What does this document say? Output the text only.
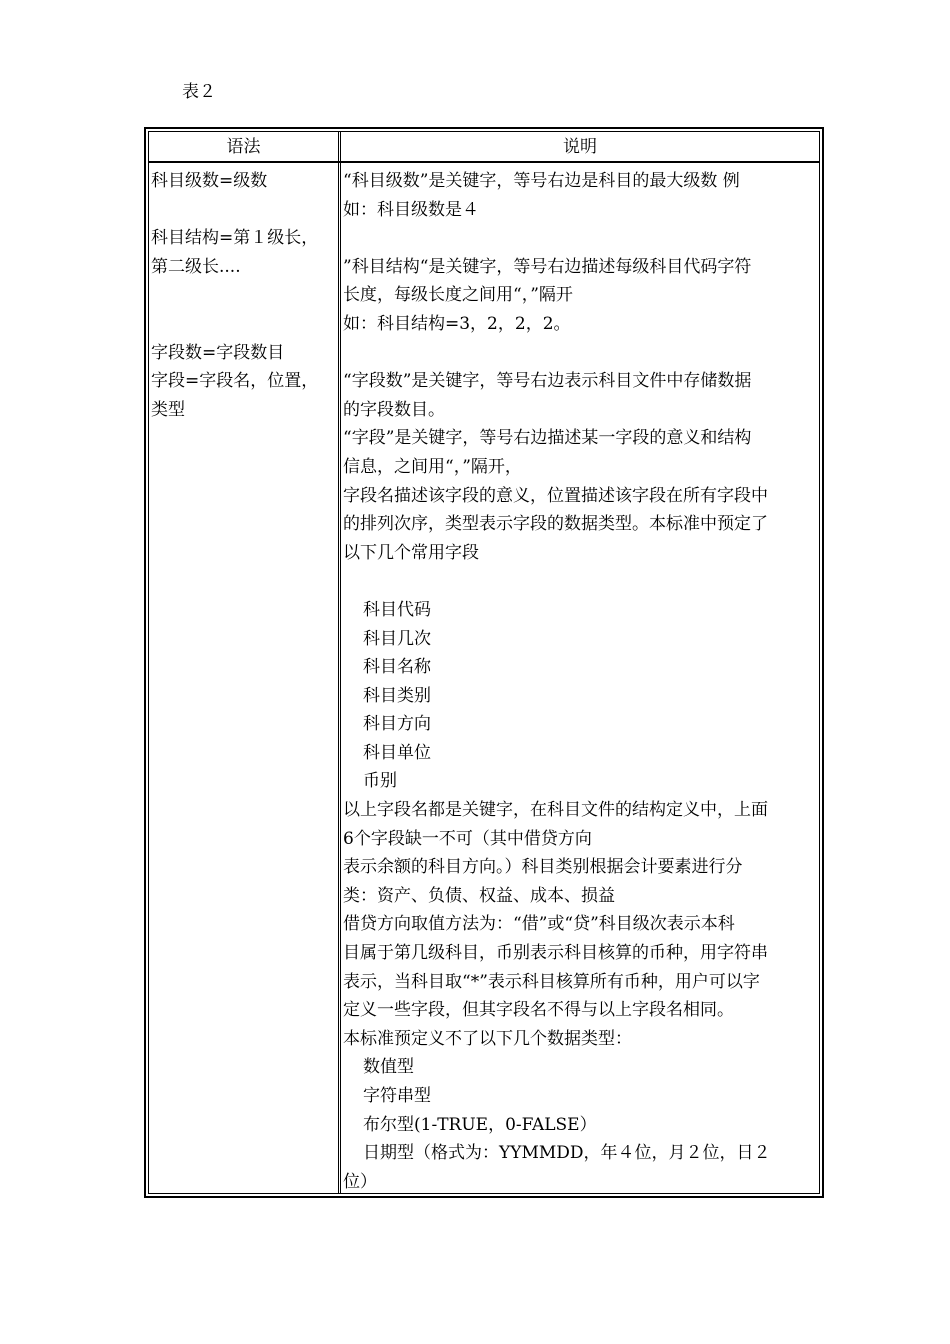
表２
语法	说明
科目级数=级数
科目结构=第１级长，
第二级长....
字段数=字段数目
字段=字段名，位置，
类型
“科目级数”是关键字，等号右边是科目的最大级数 例
如：科目级数是４
”科目结构“是关键字，等号右边描述每级科目代码字符
长度，每级长度之间用“，”隔开
如：科目结构=3，2，2，2。
“字段数”是关键字，等号右边表示科目文件中存储数据
的字段数目。
“字段”是关键字，等号右边描述某一字段的意义和结构
信息，之间用“，”隔开，
字段名描述该字段的意义，位置描述该字段在所有字段中
的排列次序，类型表示字段的数据类型。本标准中预定了
以下几个常用字段
科目代码
科目几次
科目名称
科目类别
科目方向
科目单位
币别
以上字段名都是关键字，在科目文件的结构定义中，上面
6个字段缺一不可（其中借贷方向
表示余额的科目方向。）科目类别根据会计要素进行分
类：资产、负债、权益、成本、损益
借贷方向取值方法为：“借”或“贷”科目级次表示本科
目属于第几级科目，币别表示科目核算的币种，用字符串
表示，当科目取“*”表示科目核算所有币种，用户可以字
定义一些字段，但其字段名不得与以上字段名相同。
本标准预定义不了以下几个数据类型：
数值型
字符串型
布尔型(1-TRUE，0-FALSE）
日期型（格式为：YYMMDD，年４位，月２位，日２
位）
